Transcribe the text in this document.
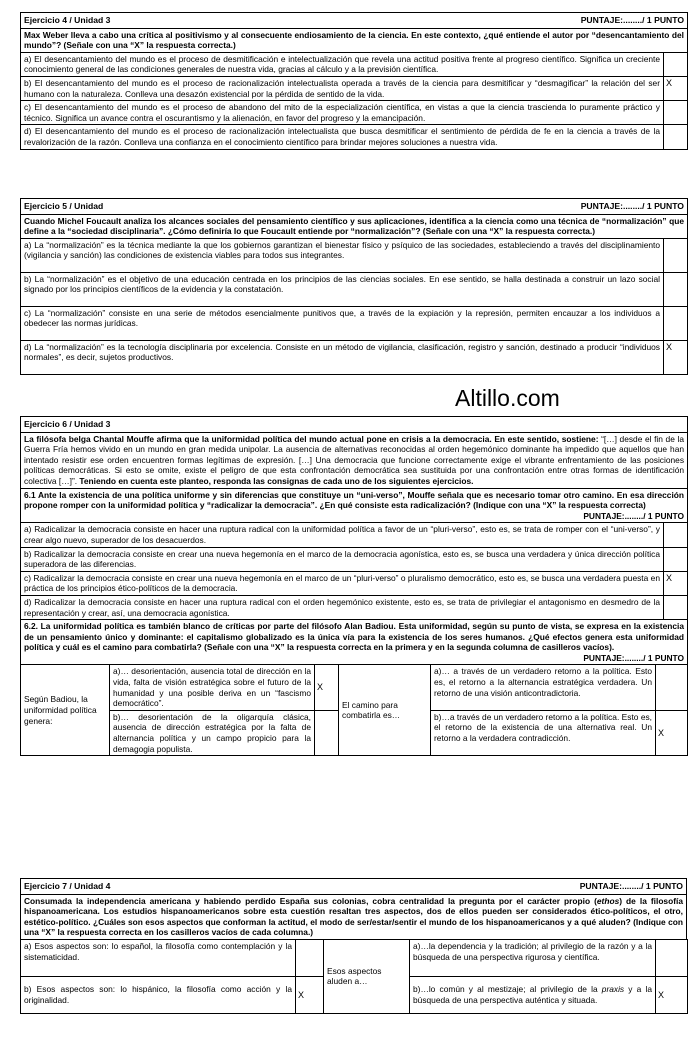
Ejercicio 4 / Unidad 3 PUNTAJE:......../ 1 PUNTO	

Max Weber lleva a cabo una crítica al positivismo y al consecuente endiosamiento de la ciencia. En este contexto, ¿qué entiende el autor por “desencantamiento del mundo”? (Señale con una “X” la respuesta correcta.)	
a) El desencantamiento del mundo es el proceso de desmitificación e intelectualización que revela una actitud positiva frente al progreso científico. Significa un creciente conocimiento general de las condiciones generales de nuestra vida, gracias al cálculo y a la previsión científica.	
b) El desencantamiento del mundo es el proceso de racionalización intelectualista operada a través de la ciencia para desmitificar y “desmagificar” la relación del ser humano con la naturaleza. Conlleva una desazón existencial por la pérdida de sentido de la vida.	X
c) El desencantamiento del mundo es el proceso de abandono del mito de la especialización científica, en vistas a que la ciencia trascienda lo puramente práctico y técnico. Significa un avance contra el oscurantismo y la alienación, en favor del progreso y la emancipación.	
d) El desencantamiento del mundo es el proceso de racionalización intelectualista que busca desmitificar el sentimiento de pérdida de fe en la ciencia a través de la revalorización de la razón. Conlleva una confianza en el conocimiento científico para brindar mejores soluciones a nuestra vida.	
Ejercicio 5 / Unidad PUNTAJE:......../ 1 PUNTO	

Cuando Michel Foucault analiza los alcances sociales del pensamiento científico y sus aplicaciones, identifica a la ciencia como una técnica de “normalización” que define a la “sociedad disciplinaria”. ¿Cómo definiría lo que Foucault entiende por “normalización”? (Señale con una “X” la respuesta correcta.)	
a) La “normalización” es la técnica mediante la que los gobiernos garantizan el bienestar físico y psíquico de las sociedades, estableciendo a través del disciplinamiento (vigilancia y sanción) las condiciones de existencia viables para todos sus integrantes.	
b) La “normalización” es el objetivo de una educación centrada en los principios de las ciencias sociales. En ese sentido, se halla destinada a construir un lazo social signado por los principios científicos de la evidencia y la constatación.	
c) La “normalización” consiste en una serie de métodos esencialmente punitivos que, a través de la expiación y la represión, permiten encauzar a los individuos a obedecer las normas jurídicas.	
d) La “normalización” es la tecnología disciplinaria por excelencia. Consiste en un método de vigilancia, clasificación, registro y sanción, destinado a producir “individuos normales”, es decir, sujetos productivos.	X
Altillo.com
Ejercicio 6 / Unidad 3	

La filósofa belga Chantal Mouffe afirma que la uniformidad política del mundo actual pone en crisis a la democracia. En este sentido, sostiene: “[…] desde el fin de la Guerra Fría hemos vivido en un mundo en gran medida unipolar. La ausencia de alternativas reconocidas al orden hegemónico dominante ha impedido que aquellos que han intentado resistir ese orden encuentren formas legítimas de expresión. […] Una democracia que funcione correctamente exige el vibrante enfrentamiento de las posiciones políticas democráticas. Si esto se omite, existe el peligro de que esta confrontación democrática sea sustituida por una confrontación entre otras formas de identificación colectiva […]”. Teniendo en cuenta este planteo, responda las consignas de cada uno de los siguientes ejercicios.	
6.1 Ante la existencia de una política uniforme y sin diferencias que constituye un “uni-verso”, Mouffe señala que es necesario tomar otro camino. En esa dirección propone romper con la uniformidad política y “radicalizar la democracia”. ¿En qué consiste esta radicalización? (Indique con una “X” la respuesta correcta)
PUNTAJE:......../ 1 PUNTO	

a) Radicalizar la democracia consiste en hacer una ruptura radical con la uniformidad política a favor de un “pluri-verso”, esto es, se trata de romper con el “uni-verso”, y crear algo nuevo, superador de los desacuerdos.	
b) Radicalizar la democracia consiste en crear una nueva hegemonía en el marco de la democracia agonística, esto es, se busca una verdadera y única dirección política superadora de las diferencias.	
c) Radicalizar la democracia consiste en crear una nueva hegemonía en el marco de un “pluri-verso” o pluralismo democrático, esto es, se busca una verdadera puesta en práctica de los principios ético-políticos de la democracia.	X
d) Radicalizar la democracia consiste en hacer una ruptura radical con el orden hegemónico existente, esto es, se trata de privilegiar el antagonismo en desmedro de la representación y crear, así, una democracia agonística.	
6.2. La uniformidad política es también blanco de críticas por parte del filósofo Alan Badiou. Esta uniformidad, según su punto de vista, se expresa en la existencia de un pensamiento único y dominante: el capitalismo globalizado es la única vía para la existencia de los seres humanos. ¿Qué efectos genera esta uniformidad política y cuál es el camino para combatirla? (Señale con una “X” la respuesta correcta en la primera y en la segunda columna de casilleros vacíos).
PUNTAJE:......../ 1 PUNTO	
Según Badiou, la uniformidad política genera:	a)… desorientación, ausencia total de dirección en la vida, falta de visión estratégica sobre el futuro de la humanidad y una posible deriva en un “fascismo democrático”.	X	El camino para combatirla es…	a)… a través de un verdadero retorno a la política. Esto es, el retorno a la alternancia estratégica verdadera. Un retorno de una visión anticontradictoria.	
	b)… desorientación de la oligarquía clásica, ausencia de dirección estratégica por la falta de alternancia política y un campo propicio para la demagogia populista.			b)…a través de un verdadero retorno a la política. Esto es, el retorno de la existencia de una alternativa real. Un retorno a la verdadera contradicción.	X
Ejercicio 7 / Unidad 4	PUNTAJE:......../ 1 PUNTO

Consumada la independencia americana y habiendo perdido España sus colonias, cobra centralidad la pregunta por el carácter propio (ethos) de la filosofía hispanoamericana. Los estudios hispanoamericanos sobre esta cuestión resaltan tres aspectos, dos de ellos pueden ser considerados ético-políticos, el otro, estético-político. ¿Cuáles son esos aspectos que conforman la actitud, el modo de ser/estar/sentir el mundo de los hispanoamericanos y a qué aluden? (Indique con una “X” la respuesta correcta en los casilleros vacíos de cada columna.)
a) Esos aspectos son: lo español, la filosofía como contemplación y la sistematicidad.		Esos aspectos aluden a…	a)…la dependencia y la tradición; al privilegio de la razón y a la búsqueda de una perspectiva rigurosa y científica.	
b) Esos aspectos son: lo hispánico, la filosofía como acción y la originalidad.	X		b)…lo común y al mestizaje; al privilegio de la praxis y a la búsqueda de una perspectiva auténtica y situada.	X
